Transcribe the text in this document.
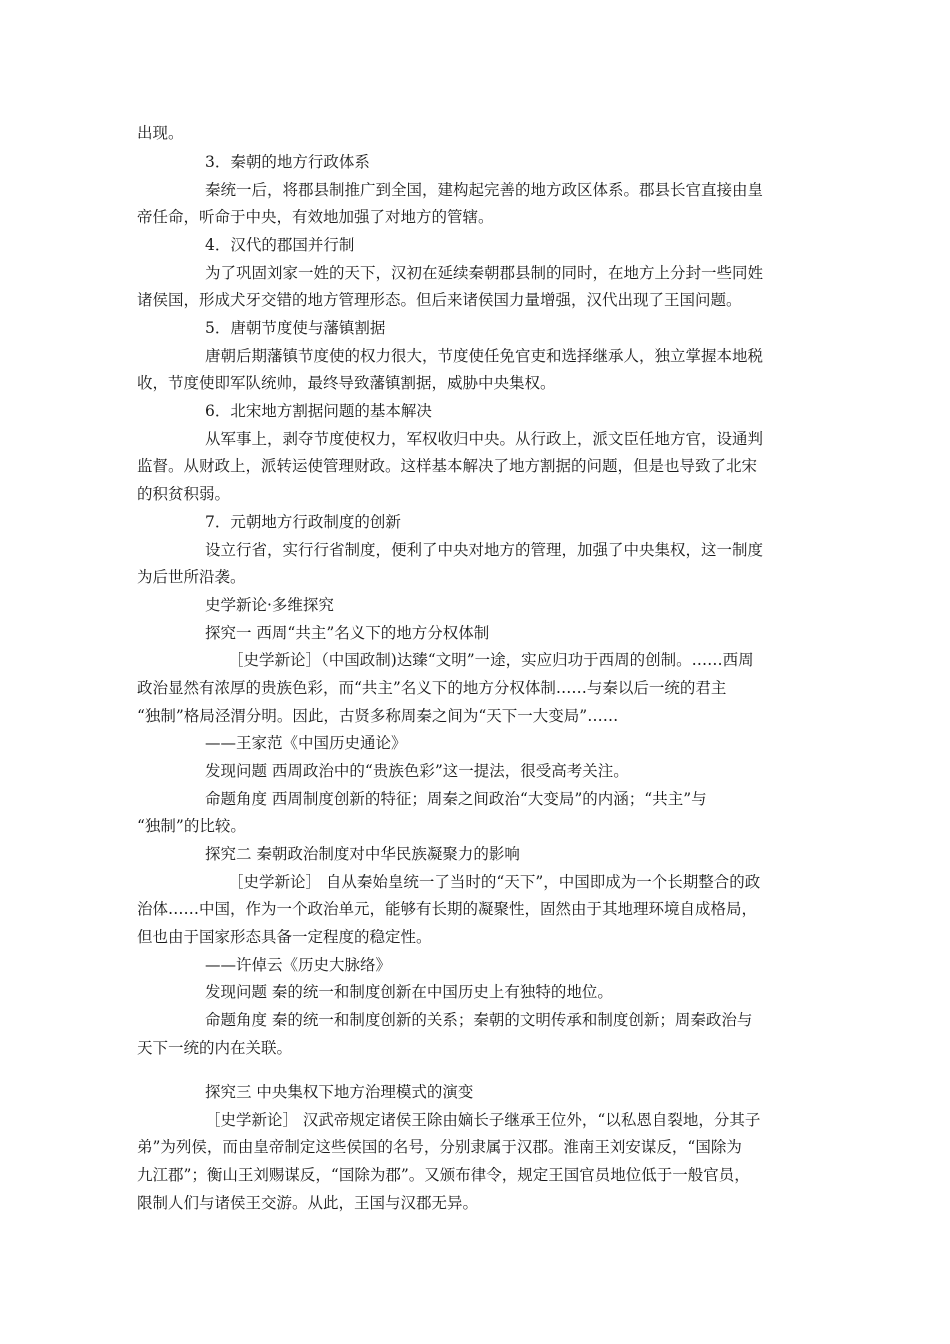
出现。
3．秦朝的地方行政体系
秦统一后，将郡县制推广到全国，建构起完善的地方政区体系。郡县长官直接由皇
帝任命，听命于中央，有效地加强了对地方的管辖。
4．汉代的郡国并行制
为了巩固刘家一姓的天下，汉初在延续秦朝郡县制的同时，在地方上分封一些同姓
诸侯国，形成犬牙交错的地方管理形态。但后来诸侯国力量增强，汉代出现了王国问题。
5．唐朝节度使与藩镇割据
唐朝后期藩镇节度使的权力很大，节度使任免官吏和选择继承人，独立掌握本地税
收，节度使即军队统帅，最终导致藩镇割据，威胁中央集权。
6．北宋地方割据问题的基本解决
从军事上，剥夺节度使权力，军权收归中央。从行政上，派文臣任地方官，设通判
监督。从财政上，派转运使管理财政。这样基本解决了地方割据的问题，但是也导致了北宋
的积贫积弱。
7．元朝地方行政制度的创新
设立行省，实行行省制度，便利了中央对地方的管理，加强了中央集权，这一制度
为后世所沿袭。
史学新论·多维探究
探究一 西周“共主”名义下的地方分权体制
［史学新论］（中国政制)达臻“文明”一途，实应归功于西周的创制。……西周
政治显然有浓厚的贵族色彩，而“共主”名义下的地方分权体制……与秦以后一统的君主
“独制”格局泾渭分明。因此，古贤多称周秦之间为“天下一大变局”……
——王家范《中国历史通论》
发现问题 西周政治中的“贵族色彩”这一提法，很受高考关注。
命题角度 西周制度创新的特征；周秦之间政治“大变局”的内涵；“共主”与
“独制”的比较。
探究二 秦朝政治制度对中华民族凝聚力的影响
［史学新论］ 自从秦始皇统一了当时的“天下”，中国即成为一个长期整合的政
治体……中国，作为一个政治单元，能够有长期的凝聚性，固然由于其地理环境自成格局，
但也由于国家形态具备一定程度的稳定性。
——许倬云《历史大脉络》
发现问题 秦的统一和制度创新在中国历史上有独特的地位。
命题角度 秦的统一和制度创新的关系；秦朝的文明传承和制度创新；周秦政治与
天下一统的内在关联。
探究三 中央集权下地方治理模式的演变
［史学新论］ 汉武帝规定诸侯王除由嫡长子继承王位外，“以私恩自裂地，分其子
弟”为列侯，而由皇帝制定这些侯国的名号，分别隶属于汉郡。淮南王刘安谋反，“国除为
九江郡”；衡山王刘赐谋反，“国除为郡”。又颁布律令，规定王国官员地位低于一般官员，
限制人们与诸侯王交游。从此，王国与汉郡无异。
